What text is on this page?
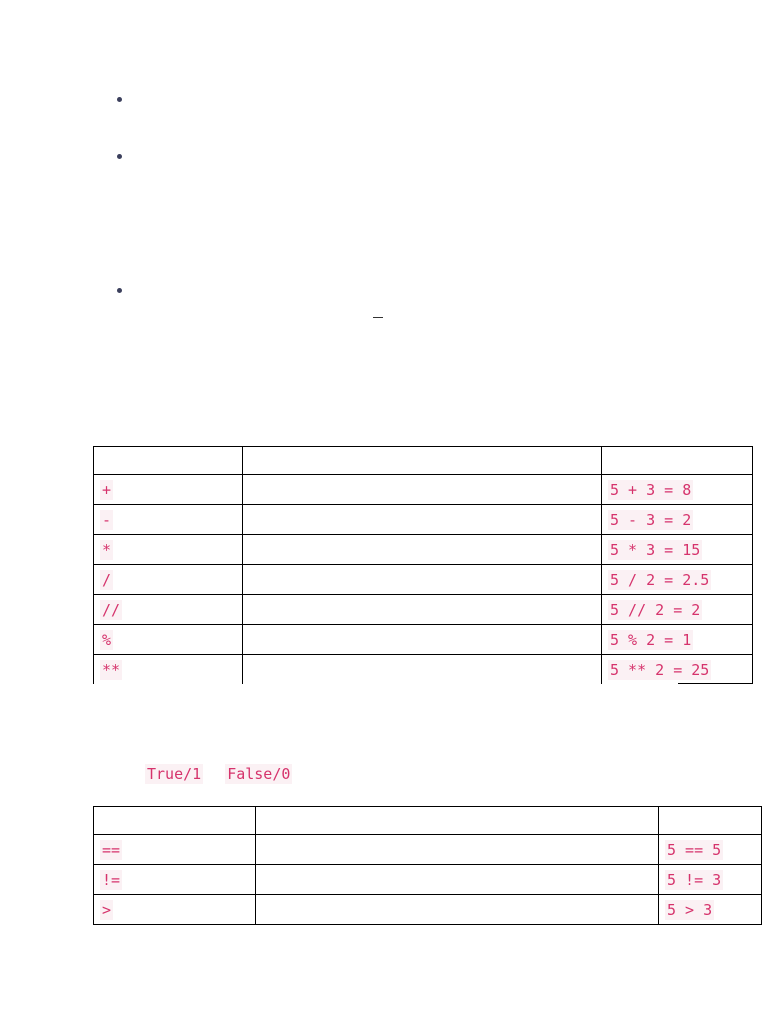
+		5 + 3 = 8
-		5 - 3 = 2
*		5 * 3 = 15
/		5 / 2 = 2.5
//		5 // 2 = 2
%		5 % 2 = 1
**		5 ** 2 = 25
True/1 False/0

==		5 == 5
!=		5 != 3
>		5 > 3
